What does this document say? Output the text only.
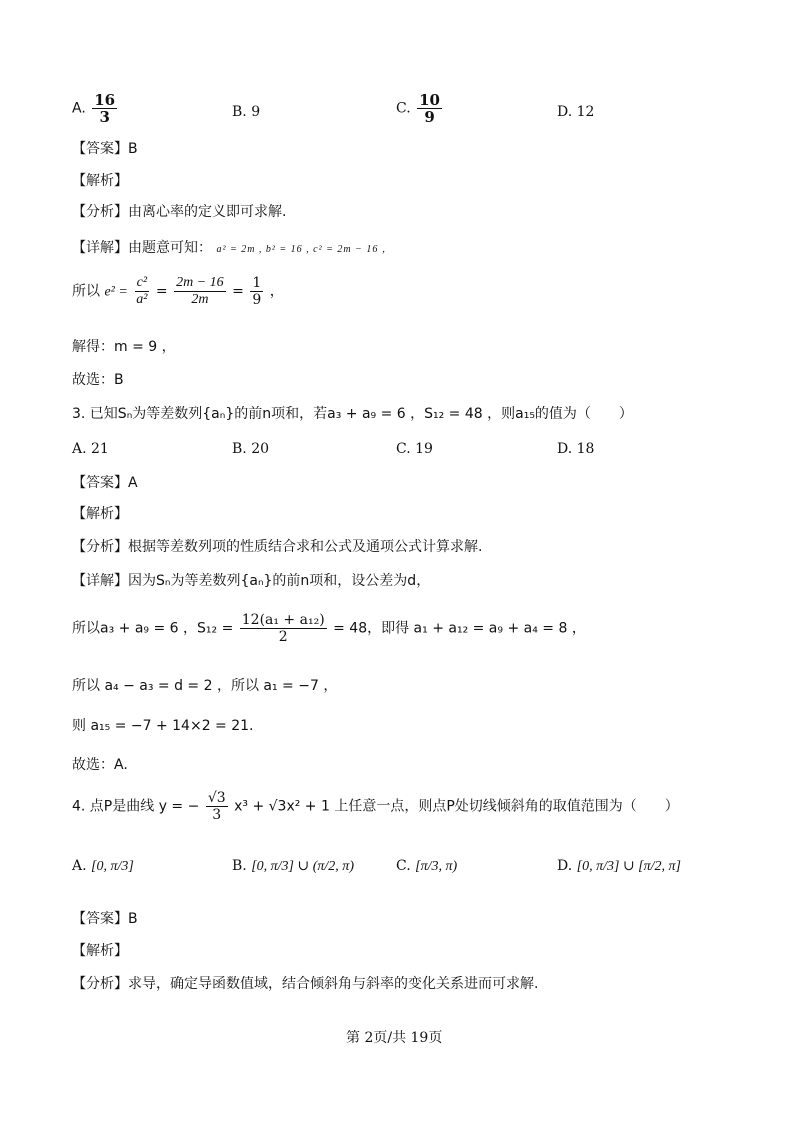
A. $\frac{16}{3}$	B. 9	C. $\frac{10}{9}$	D. 12
【答案】B
【解析】
【分析】由离心率的定义即可求解.
【详解】由题意可知： a² = 2m , b² = 16 , c² = 2m − 16 ，
所以 $e^2 = \frac{\text{c²}}{\text{a²}} = \frac{2m - 16}{2m} = \frac{1}{9}$ ，
解得：m = 9 ，
故选：B
3. 已知Sₙ为等差数列{aₙ}的前n项和，若a₃ + a₉ = 6 ，S₁₂ = 48 ，则a₁₅的值为（　　）
A. 21	B. 20	C. 19	D. 18
【答案】A
【解析】
【分析】根据等差数列项的性质结合求和公式及通项公式计算求解.
【详解】因为Sₙ为等差数列{aₙ}的前n项和，设公差为d，
所以a₃ + a₉ = 6 ，$S_{12} = \frac{\text{12(a₁ + a₁₂)}}{2} = 48$，即得 a₁ + a₁₂ = a₉ + a₄ = 8 ，
所以 a₄ − a₃ = d = 2 ，所以 a₁ = −7 ，
则 a₁₅ = −7 + 14×2 = 21.
故选：A.
4. 点P是曲线 y = − $\frac{√3}{3} x^3 + √3x^2 + 1$ 上任意一点，则点P处切线倾斜角的取值范围为（　　）
A. [0, π/3]	B. [0, π/3] ∪ (π/2, π)	C. [π/3, π)	D. [0, π/3] ∪ [π/2, π]
【答案】B
【解析】
【分析】求导，确定导函数值域，结合倾斜角与斜率的变化关系进而可求解.
第 2页/共 19页
